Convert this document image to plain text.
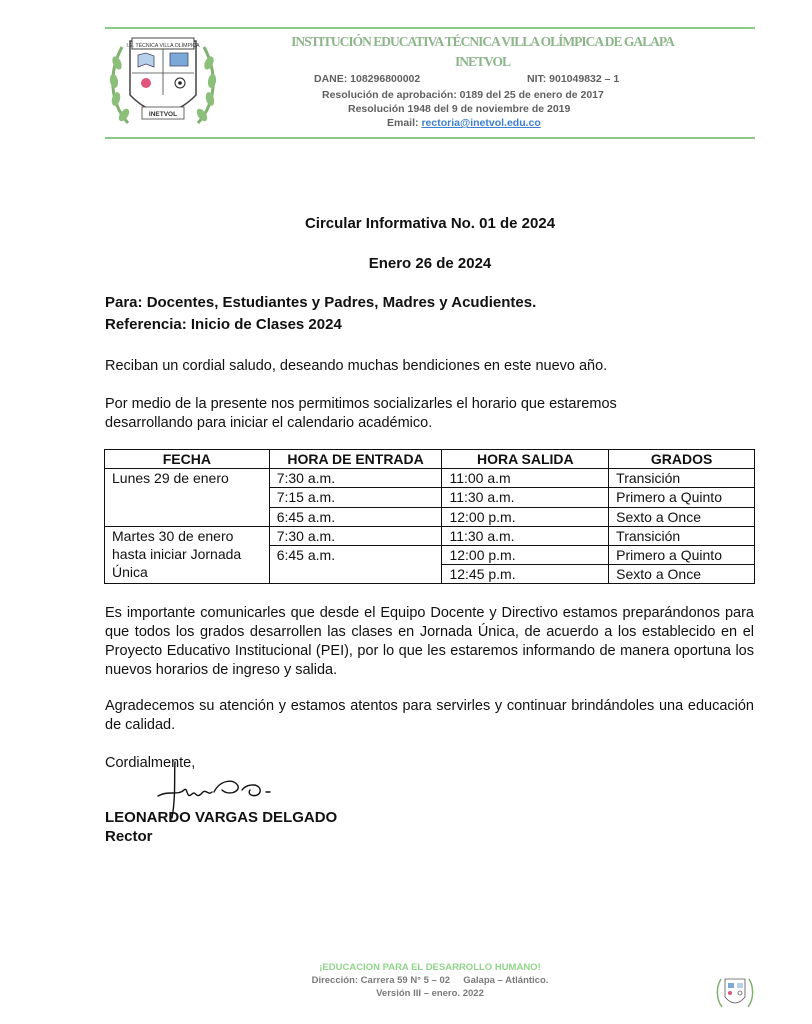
I.E. TÉCNICA VILLA OLÍMPICA
INETVOL
INSTITUCIÓN EDUCATIVA TÉCNICA VILLA OLÍMPICA DE GALAPA
INETVOL
DANE: 108296800002	NIT: 901049832 – 1
Resolución de aprobación: 0189 del 25 de enero de 2017
Resolución 1948 del 9 de noviembre de 2019
Email: rectoria@inetvol.edu.co
Circular Informativa No. 01 de 2024
Enero 26 de 2024
Para: Docentes, Estudiantes y Padres, Madres y Acudientes.
Referencia: Inicio de Clases 2024
Reciban un cordial saludo, deseando muchas bendiciones en este nuevo año.
Por medio de la presente nos permitimos socializarles el horario que estaremos
desarrollando para iniciar el calendario académico.
FECHA	HORA DE ENTRADA	HORA SALIDA	GRADOS
Lunes 29 de enero	7:30 a.m.	11:00 a.m	Transición
	7:15 a.m.	11:30 a.m.	Primero a Quinto
	6:45 a.m.	12:00 p.m.	Sexto a Once

Martes 30 de enero
hasta iniciar Jornada
Única	7:30 a.m.	11:30 a.m.	Transición
	6:45 a.m.	12:00 p.m.	Primero a Quinto
		12:45 p.m.	Sexto a Once
Es importante comunicarles que desde el Equipo Docente y Directivo estamos preparándonos para que todos los grados desarrollen las clases en Jornada Única, de acuerdo a los establecido en el Proyecto Educativo Institucional (PEI), por lo que les estaremos informando de manera oportuna los nuevos horarios de ingreso y salida.
Agradecemos su atención y estamos atentos para servirles y continuar brindándoles una educación de calidad.
Cordialmente,
LEONARDO VARGAS DELGADO
Rector
¡EDUCACION PARA EL DESARROLLO HUMANO!
Dirección: Carrera 59 N° 5 – 02     Galapa – Atlántico.
Versión III – enero. 2022
